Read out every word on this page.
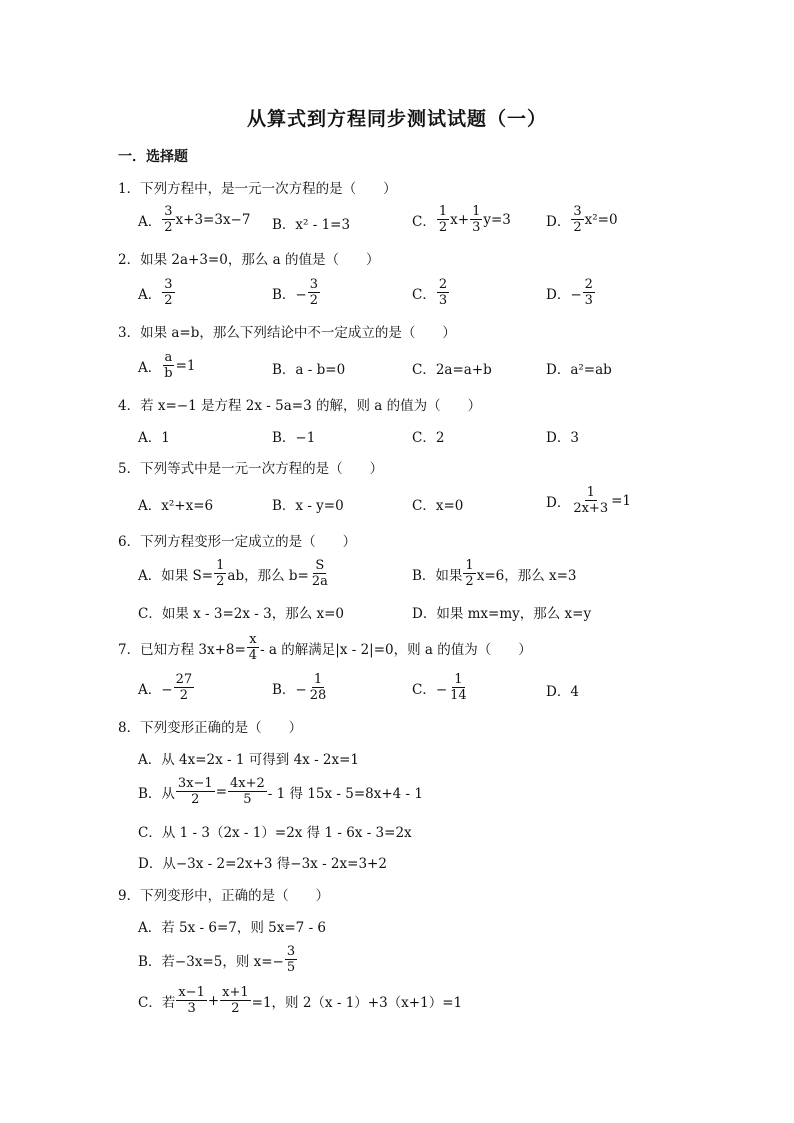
从算式到方程同步测试试题（一）
一．选择题
1．下列方程中，是一元一次方程的是（　　）
A． $\frac{3}{2} x+3=3x-7$ B．x² - 1=3	C． $\frac{1}{2} x+ \frac{1}{3} y=3$	D． $\frac{3}{2} x^2=0$
2．如果 2a+3=0，那么 a 的值是（　　）
A． $\frac{3}{2}$	B．− $\frac{3}{2}$	C． $\frac{2}{3}$	D．− $\frac{2}{3}$
3．如果 a=b，那么下列结论中不一定成立的是（　　）
A． $\frac{a}{b} =1$	B．a - b=0	C．2a=a+b	D．a²=ab
4．若 x=−1 是方程 2x - 5a=3 的解，则 a 的值为（　　）
A．1	B．−1	C．2	D．3
5．下列等式中是一元一次方程的是（　　）
A．x²+x=6	B．x - y=0	C．x=0	D． $\frac{1}{2x+3} =1$
6．下列方程变形一定成立的是（　　）
A．如果 $S= \frac{1}{2}$ ab，那么 $b= \frac{S}{2a}$	B．如果 $\frac{1}{2} x=6$，那么 x=3
C．如果 x - 3=2x - 3，那么 x=0	D．如果 mx=my，那么 x=y
7．已知方程 $3x+8= \frac{x}{4} - a$ 的解满足|x - 2|=0，则 a 的值为（　　）
A．− $\frac{27}{2}$	B．− $\frac{1}{28}$	C．− $\frac{1}{14}$	D．4
8．下列变形正确的是（　　）
A．从 4x=2x - 1 可得到 4x - 2x=1
B．从 $\frac{3x-1}{2} = \frac{4x+2}{5} - 1$ 得 15x - 5=8x+4 - 1
C．从 1 - 3（2x - 1）=2x 得 1 - 6x - 3=2x
D．从−3x - 2=2x+3 得−3x - 2x=3+2
9．下列变形中，正确的是（　　）
A．若 5x - 6=7，则 5x=7 - 6
B．若−3x=5，则 $x=- \frac{3}{5}$
C．若 $\frac{x-1}{3} + \frac{x+1}{2} =1$，则 2（x - 1）+3（x+1）=1
